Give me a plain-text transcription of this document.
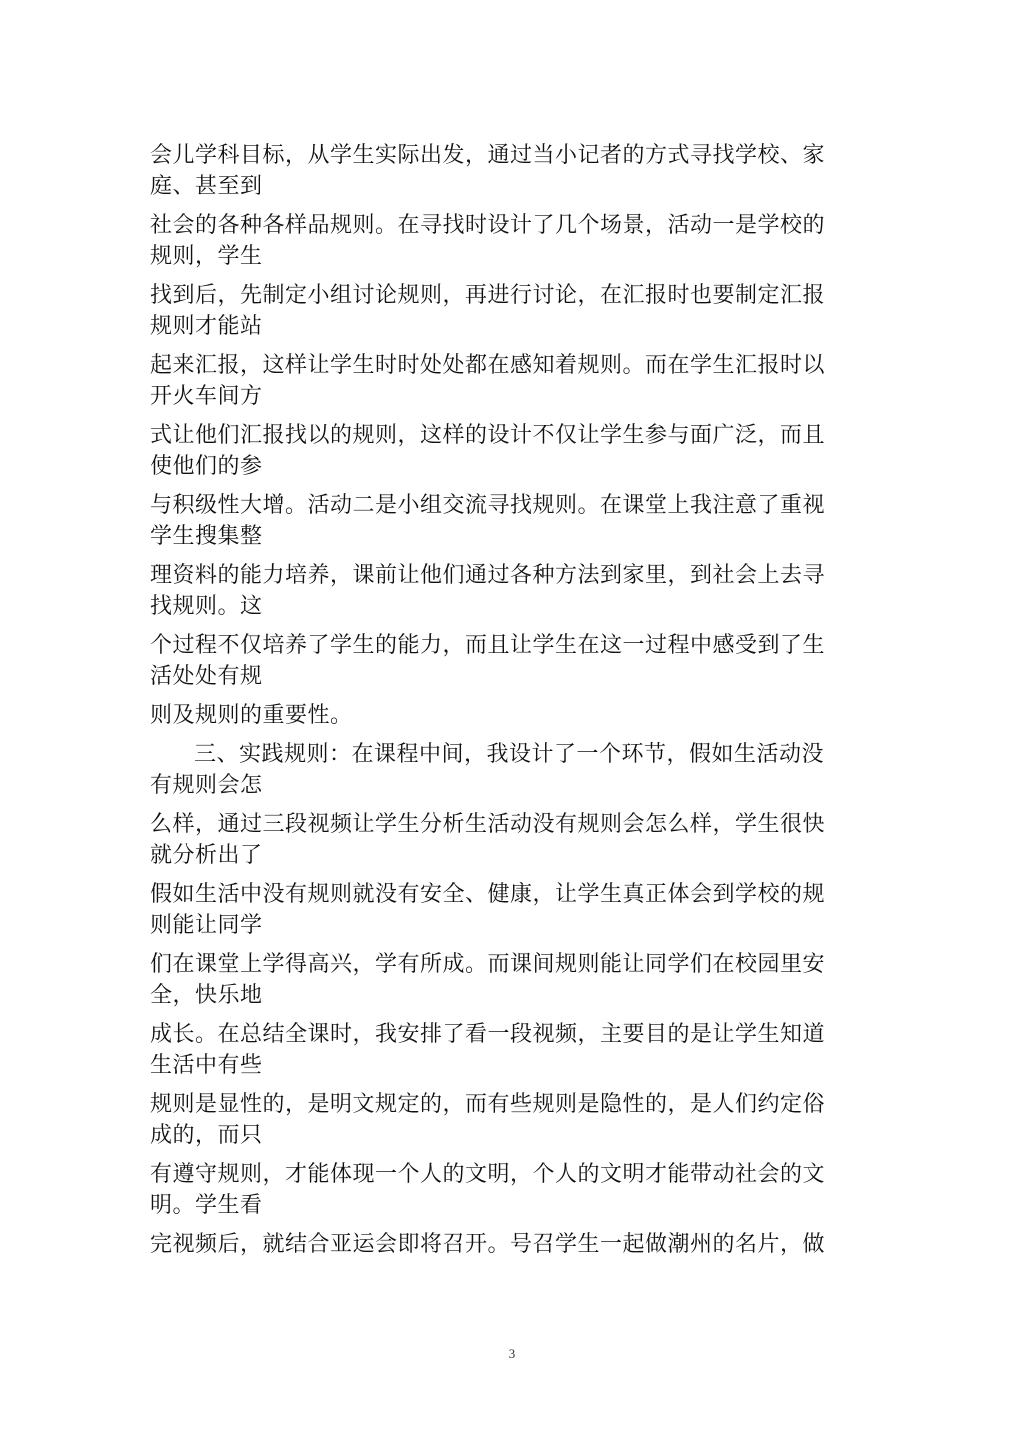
会儿学科目标，从学生实际出发，通过当小记者的方式寻找学校、家
庭、甚至到

社会的各种各样品规则。在寻找时设计了几个场景，活动一是学校的
规则，学生

找到后，先制定小组讨论规则，再进行讨论，在汇报时也要制定汇报
规则才能站

起来汇报，这样让学生时时处处都在感知着规则。而在学生汇报时以
开火车间方

式让他们汇报找以的规则，这样的设计不仅让学生参与面广泛，而且
使他们的参

与积级性大增。活动二是小组交流寻找规则。在课堂上我注意了重视
学生搜集整

理资料的能力培养，课前让他们通过各种方法到家里，到社会上去寻
找规则。这

个过程不仅培养了学生的能力，而且让学生在这一过程中感受到了生
活处处有规

则及规则的重要性。

三、实践规则：在课程中间，我设计了一个环节，假如生活动没
有规则会怎

么样，通过三段视频让学生分析生活动没有规则会怎么样，学生很快
就分析出了

假如生活中没有规则就没有安全、健康，让学生真正体会到学校的规
则能让同学

们在课堂上学得高兴，学有所成。而课间规则能让同学们在校园里安
全，快乐地

成长。在总结全课时，我安排了看一段视频，主要目的是让学生知道
生活中有些

规则是显性的，是明文规定的，而有些规则是隐性的，是人们约定俗
成的，而只

有遵守规则，才能体现一个人的文明，个人的文明才能带动社会的文
明。学生看

完视频后，就结合亚运会即将召开。号召学生一起做潮州的名片，做

3
